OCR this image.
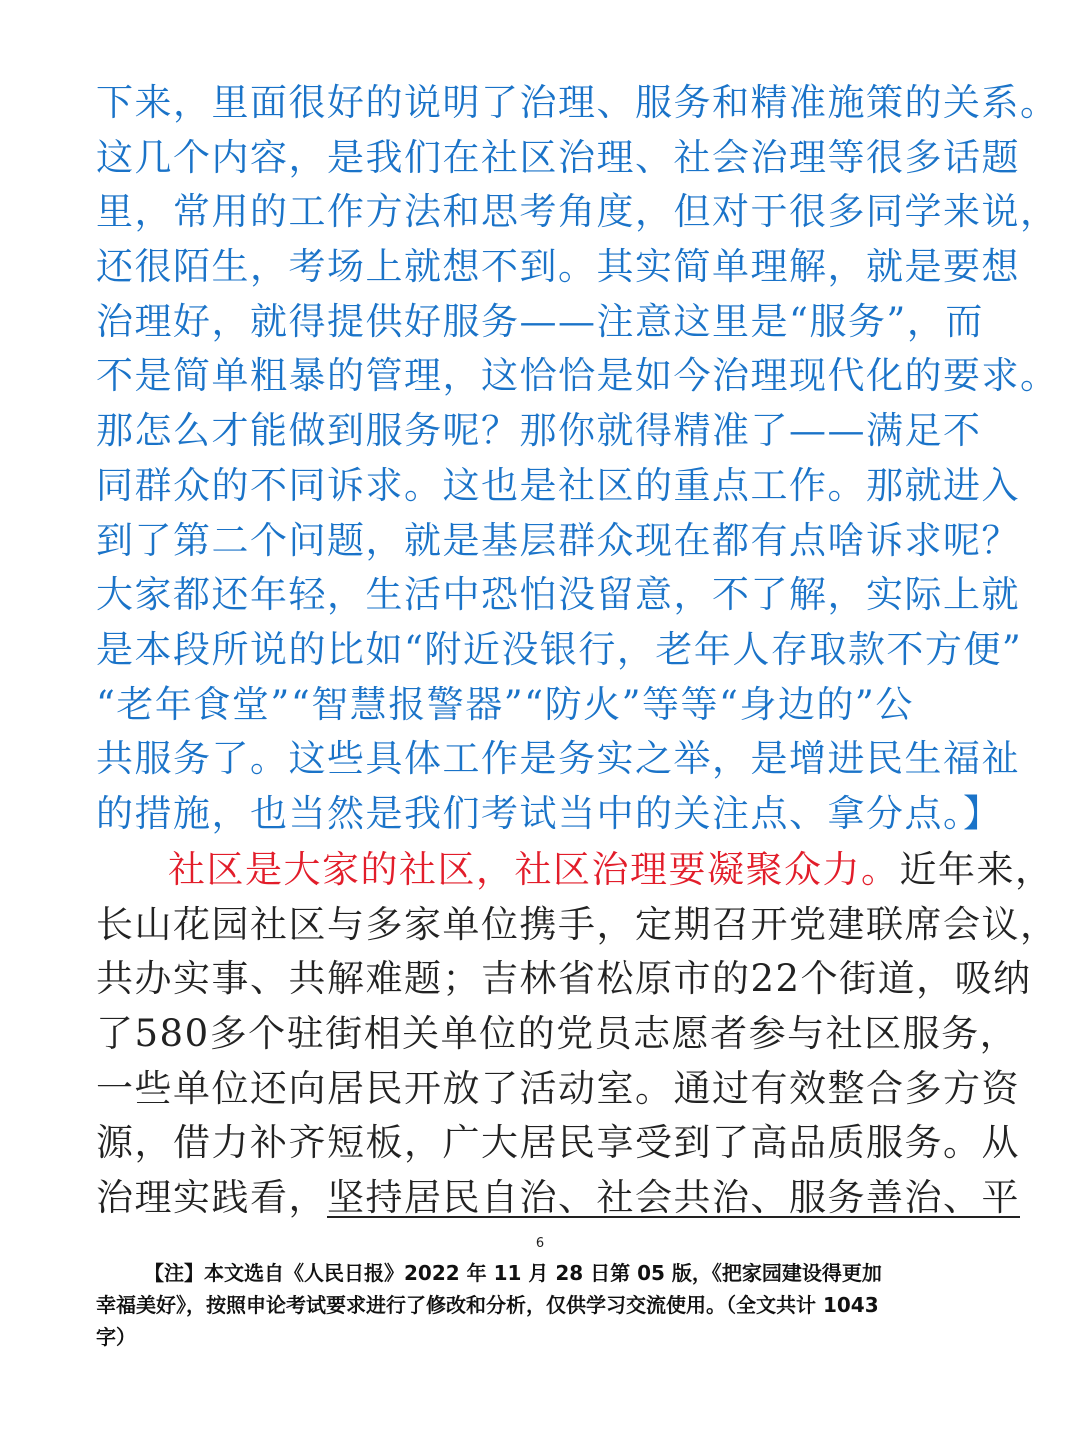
下来，里面很好的说明了治理、服务和精准施策的关系。
这几个内容，是我们在社区治理、社会治理等很多话题
里，常用的工作方法和思考角度，但对于很多同学来说，
还很陌生，考场上就想不到。其实简单理解，就是要想
治理好，就得提供好服务——注意这里是“服务”，而
不是简单粗暴的管理，这恰恰是如今治理现代化的要求。
那怎么才能做到服务呢？那你就得精准了——满足不
同群众的不同诉求。这也是社区的重点工作。那就进入
到了第二个问题，就是基层群众现在都有点啥诉求呢？
大家都还年轻，生活中恐怕没留意，不了解，实际上就
是本段所说的比如“附近没银行，老年人存取款不方便”
“老年食堂”“智慧报警器”“防火”等等“身边的”公
共服务了。这些具体工作是务实之举，是增进民生福祉
的措施，也当然是我们考试当中的关注点、拿分点。】
社区是大家的社区，社区治理要凝聚众力。近年来，
长山花园社区与多家单位携手，定期召开党建联席会议，
共办实事、共解难题；吉林省松原市的22个街道，吸纳
了580多个驻街相关单位的党员志愿者参与社区服务，
一些单位还向居民开放了活动室。通过有效整合多方资
源，借力补齐短板，广大居民享受到了高品质服务。从
治理实践看，坚持居民自治、社会共治、服务善治、平
6
【注】本文选自《人民日报》2022 年 11 月 28 日第 05 版，《把家园建设得更加
幸福美好》，按照申论考试要求进行了修改和分析，仅供学习交流使用。（全文共计 1043
字）
